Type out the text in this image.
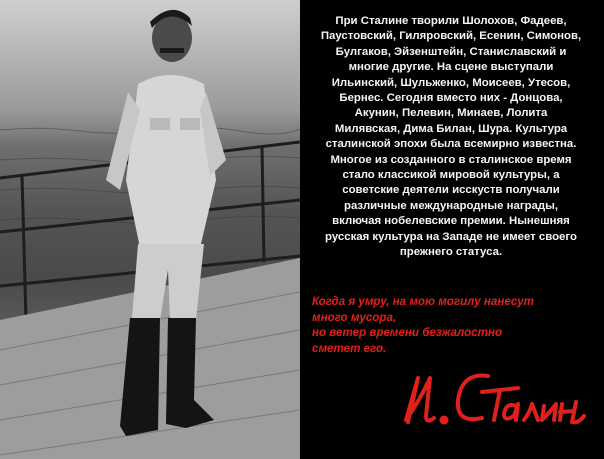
При Сталине творили Шолохов, Фадеев,
Паустовский, Гиляровский, Есенин, Симонов,
Булгаков, Эйзенштейн, Станиславский и
многие другие. На сцене выступали
Ильинский, Шульженко, Моисеев, Утесов,
Бернес. Сегодня вместо них - Донцова,
Акунин, Пелевин, Минаев, Лолита
Милявская, Дима Билан, Шура. Культура
сталинской эпохи была всемирно известна.
Многое из созданного в сталинское время
стало классикой мировой культуры, а
советские деятели исскуств получали
различные международные награды,
включая нобелевские премии. Нынешняя
русская культура на Западе не имеет своего
прежнего статуса.
Когда я умру, на мою могилу нанесут
много мусора,
но ветер времени безжалостно
сметет его.
